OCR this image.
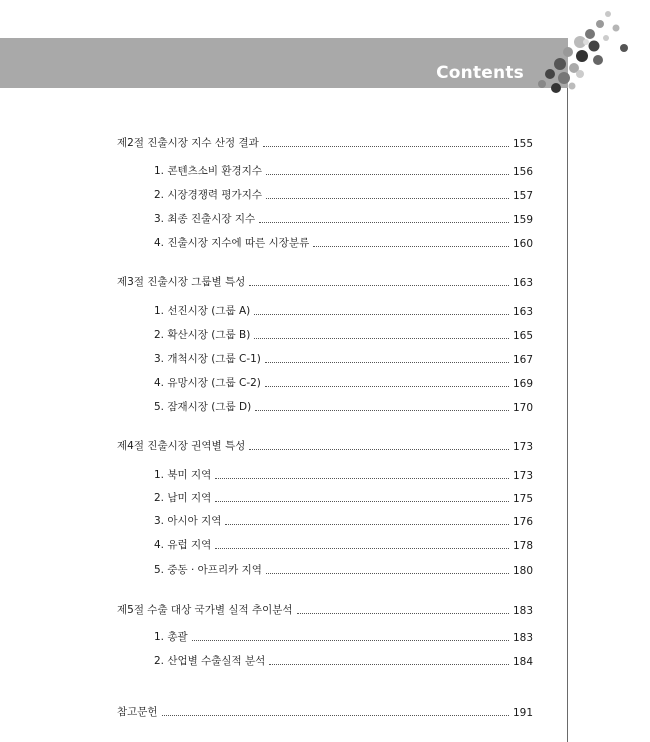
Contents
제2절 진출시장 지수 산정 결과	155
1. 콘텐츠소비 환경지수	156
2. 시장경쟁력 평가지수	157
3. 최종 진출시장 지수	159
4. 진출시장 지수에 따른 시장분류	160
제3절 진출시장 그룹별 특성	163
1. 선진시장 (그룹 A)	163
2. 확산시장 (그룹 B)	165
3. 개척시장 (그룹 C-1)	167
4. 유망시장 (그룹 C-2)	169
5. 잠재시장 (그룹 D)	170
제4절 진출시장 권역별 특성	173
1. 북미 지역	173
2. 남미 지역	175
3. 아시아 지역	176
4. 유럽 지역	178
5. 중동 · 아프리카 지역	180
제5절 수출 대상 국가별 실적 추이분석	183
1. 총괄	183
2. 산업별 수출실적 분석	184
참고문헌	191
